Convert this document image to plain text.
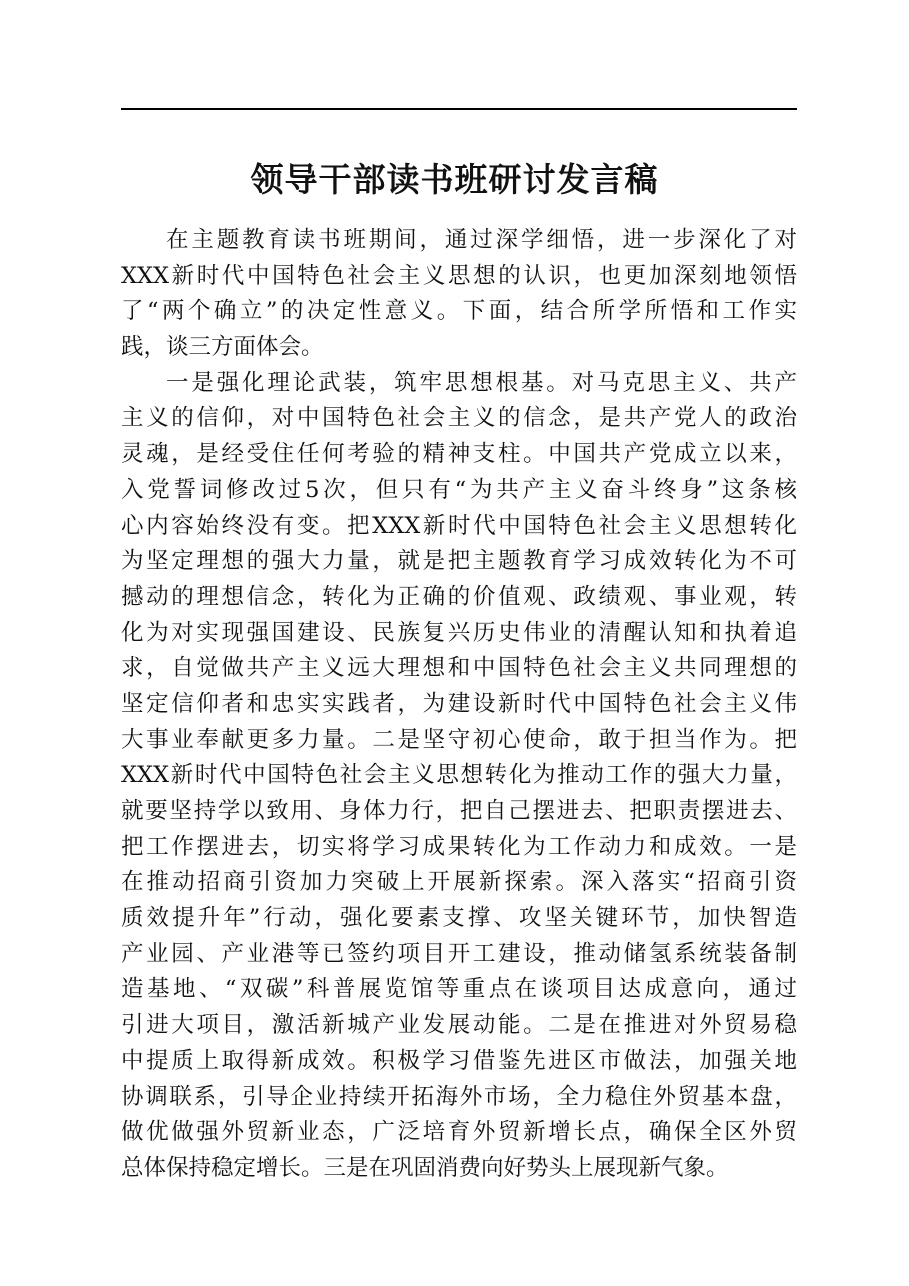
领导干部读书班研讨发言稿

在主题教育读书班期间，通过深学细悟，进一步深化了对
XXX新时代中国特色社会主义思想的认识，也更加深刻地领悟
了“两个确立”的决定性意义。下面，结合所学所悟和工作实
践，谈三方面体会。

一是强化理论武装，筑牢思想根基。对马克思主义、共产
主义的信仰，对中国特色社会主义的信念，是共产党人的政治
灵魂，是经受住任何考验的精神支柱。中国共产党成立以来，
入党誓词修改过5次，但只有“为共产主义奋斗终身”这条核
心内容始终没有变。把XXX新时代中国特色社会主义思想转化
为坚定理想的强大力量，就是把主题教育学习成效转化为不可
撼动的理想信念，转化为正确的价值观、政绩观、事业观，转
化为对实现强国建设、民族复兴历史伟业的清醒认知和执着追
求，自觉做共产主义远大理想和中国特色社会主义共同理想的
坚定信仰者和忠实实践者，为建设新时代中国特色社会主义伟
大事业奉献更多力量。二是坚守初心使命，敢于担当作为。把
XXX新时代中国特色社会主义思想转化为推动工作的强大力量，
就要坚持学以致用、身体力行，把自己摆进去、把职责摆进去、
把工作摆进去，切实将学习成果转化为工作动力和成效。一是
在推动招商引资加力突破上开展新探索。深入落实“招商引资
质效提升年”行动，强化要素支撑、攻坚关键环节，加快智造
产业园、产业港等已签约项目开工建设，推动储氢系统装备制
造基地、“双碳”科普展览馆等重点在谈项目达成意向，通过
引进大项目，激活新城产业发展动能。二是在推进对外贸易稳
中提质上取得新成效。积极学习借鉴先进区市做法，加强关地
协调联系，引导企业持续开拓海外市场，全力稳住外贸基本盘，
做优做强外贸新业态，广泛培育外贸新增长点，确保全区外贸
总体保持稳定增长。三是在巩固消费向好势头上展现新气象。
